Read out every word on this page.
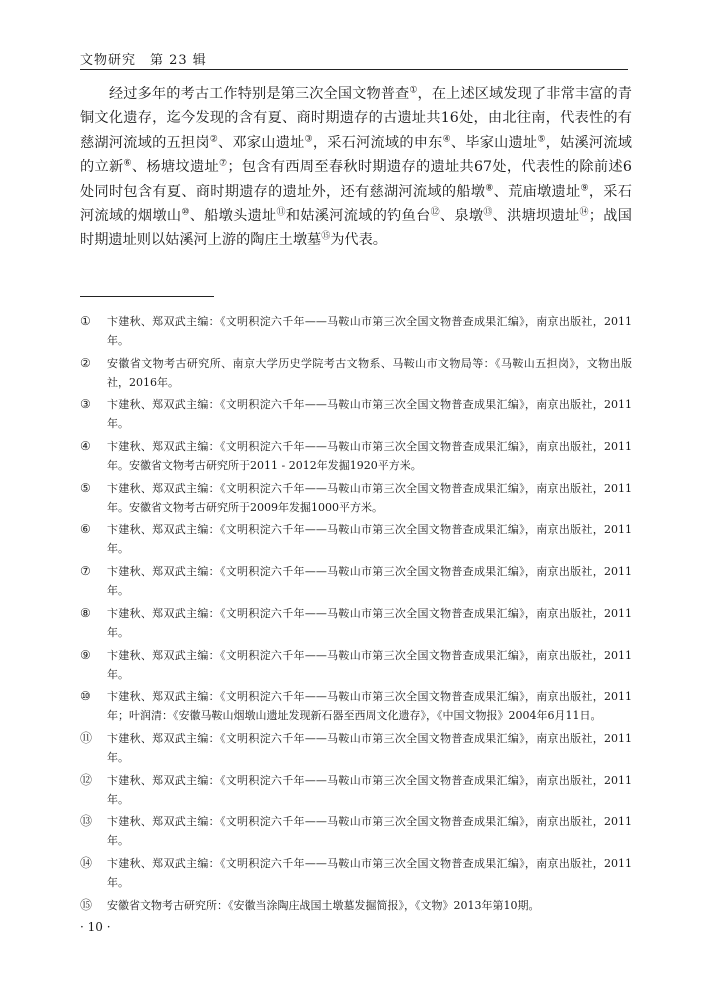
文物研究　第 23 辑

经过多年的考古工作特别是第三次全国文物普查①，在上述区域发现了非常丰富的青铜文化遗存，迄今发现的含有夏、商时期遗存的古遗址共16处，由北往南，代表性的有慈湖河流域的五担岗②、邓家山遗址③，采石河流域的申东④、毕家山遗址⑤，姑溪河流域的立新⑥、杨塘坟遗址⑦；包含有西周至春秋时期遗存的遗址共67处，代表性的除前述6处同时包含有夏、商时期遗存的遗址外，还有慈湖河流域的船墩⑧、荒庙墩遗址⑨，采石河流域的烟墩山⑩、船墩头遗址⑪和姑溪河流域的钓鱼台⑫、泉墩⑬、洪塘坝遗址⑭；战国时期遗址则以姑溪河上游的陶庄土墩墓⑮为代表。

① 卞建秋、郑双武主编：《文明积淀六千年——马鞍山市第三次全国文物普查成果汇编》，南京出版社，2011年。
② 安徽省文物考古研究所、南京大学历史学院考古文物系、马鞍山市文物局等：《马鞍山五担岗》，文物出版社，2016年。
③ 卞建秋、郑双武主编：《文明积淀六千年——马鞍山市第三次全国文物普查成果汇编》，南京出版社，2011年。
④ 卞建秋、郑双武主编：《文明积淀六千年——马鞍山市第三次全国文物普查成果汇编》，南京出版社，2011年。安徽省文物考古研究所于2011 - 2012年发掘1920平方米。
⑤ 卞建秋、郑双武主编：《文明积淀六千年——马鞍山市第三次全国文物普查成果汇编》，南京出版社，2011年。安徽省文物考古研究所于2009年发掘1000平方米。
⑥ 卞建秋、郑双武主编：《文明积淀六千年——马鞍山市第三次全国文物普查成果汇编》，南京出版社，2011年。
⑦ 卞建秋、郑双武主编：《文明积淀六千年——马鞍山市第三次全国文物普查成果汇编》，南京出版社，2011年。
⑧ 卞建秋、郑双武主编：《文明积淀六千年——马鞍山市第三次全国文物普查成果汇编》，南京出版社，2011年。
⑨ 卞建秋、郑双武主编：《文明积淀六千年——马鞍山市第三次全国文物普查成果汇编》，南京出版社，2011年。
⑩ 卞建秋、郑双武主编：《文明积淀六千年——马鞍山市第三次全国文物普查成果汇编》，南京出版社，2011年；叶润清：《安徽马鞍山烟墩山遗址发现新石器至西周文化遗存》，《中国文物报》2004年6月11日。
⑪ 卞建秋、郑双武主编：《文明积淀六千年——马鞍山市第三次全国文物普查成果汇编》，南京出版社，2011年。
⑫ 卞建秋、郑双武主编：《文明积淀六千年——马鞍山市第三次全国文物普查成果汇编》，南京出版社，2011年。
⑬ 卞建秋、郑双武主编：《文明积淀六千年——马鞍山市第三次全国文物普查成果汇编》，南京出版社，2011年。
⑭ 卞建秋、郑双武主编：《文明积淀六千年——马鞍山市第三次全国文物普查成果汇编》，南京出版社，2011年。
⑮ 安徽省文物考古研究所：《安徽当涂陶庄战国土墩墓发掘简报》，《文物》2013年第10期。
· 10 ·
